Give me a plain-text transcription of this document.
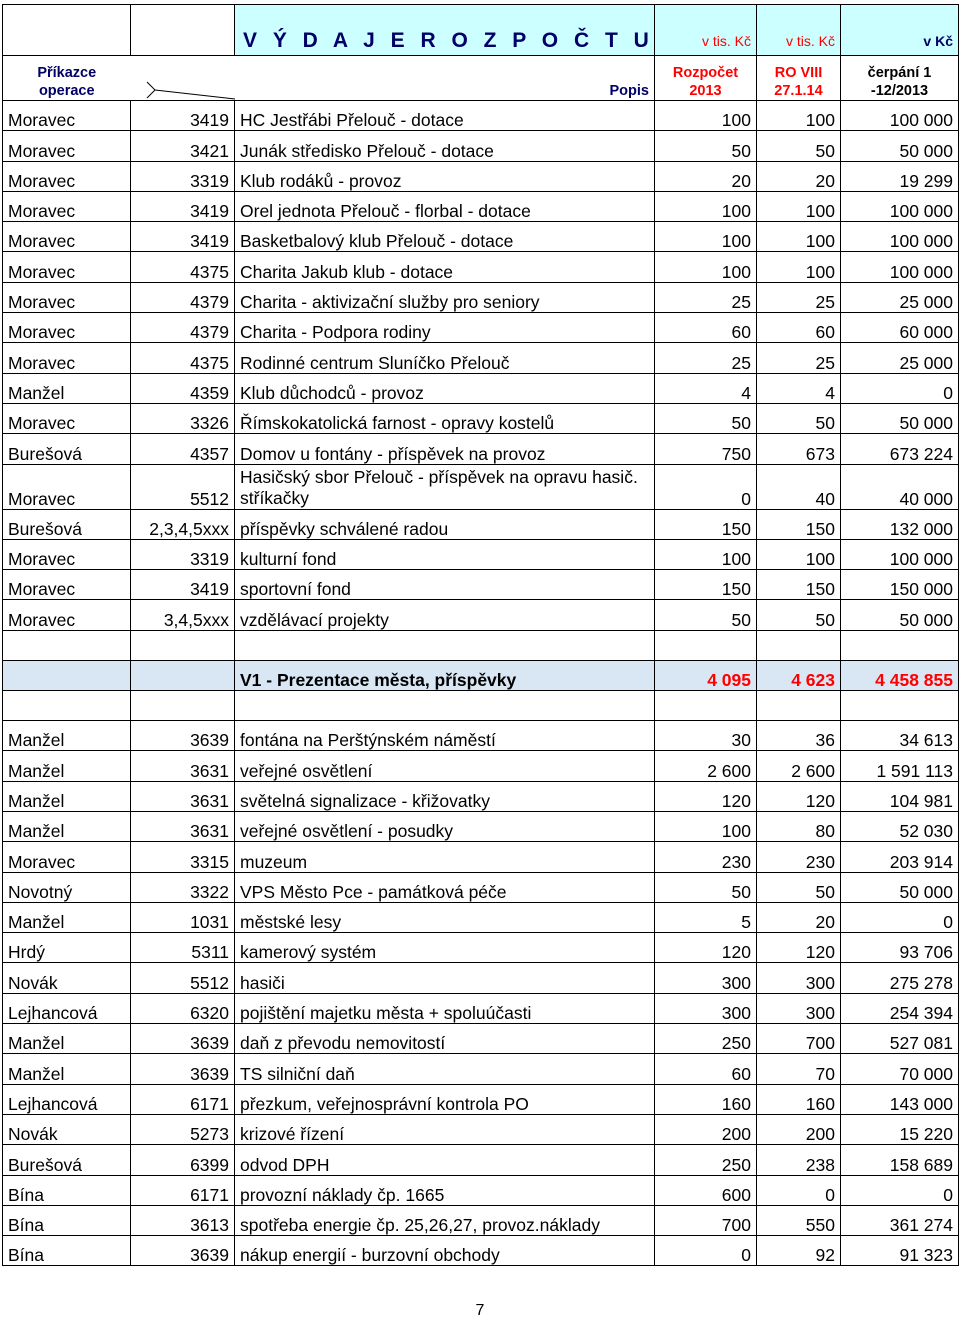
		V Ý D A J E R O Z P O Č T U	v tis. Kč	v tis. Kč	v Kč
Příkazce operace		Popis	Rozpočet 2013	RO VIII 27.1.14	čerpání 1 -12/2013
Moravec	3419	HC Jestřábi Přelouč - dotace	100	100	100 000
Moravec	3421	Junák středisko Přelouč - dotace	50	50	50 000
Moravec	3319	Klub rodáků - provoz	20	20	19 299
Moravec	3419	Orel jednota Přelouč - florbal - dotace	100	100	100 000
Moravec	3419	Basketbalový klub Přelouč - dotace	100	100	100 000
Moravec	4375	Charita Jakub klub - dotace	100	100	100 000
Moravec	4379	Charita - aktivizační služby pro seniory	25	25	25 000
Moravec	4379	Charita - Podpora rodiny	60	60	60 000
Moravec	4375	Rodinné centrum Sluníčko Přelouč	25	25	25 000
Manžel	4359	Klub důchodců - provoz	4	4	0
Moravec	3326	Římskokatolická farnost - opravy kostelů	50	50	50 000
Burešová	4357	Domov u fontány - příspěvek na provoz	750	673	673 224
Moravec	5512	Hasičský sbor Přelouč - příspěvek na opravu hasič. stříkačky	0	40	40 000
Burešová	2,3,4,5xxx	příspěvky schválené radou	150	150	132 000
Moravec	3319	kulturní fond	100	100	100 000
Moravec	3419	sportovní fond	150	150	150 000
Moravec	3,4,5xxx	vzdělávací projekty	50	50	50 000

		V1 - Prezentace města, příspěvky	4 095	4 623	4 458 855

Manžel	3639	fontána na Perštýnském náměstí	30	36	34 613
Manžel	3631	veřejné osvětlení	2 600	2 600	1 591 113
Manžel	3631	světelná signalizace - křižovatky	120	120	104 981
Manžel	3631	veřejné osvětlení - posudky	100	80	52 030
Moravec	3315	muzeum	230	230	203 914
Novotný	3322	VPS Město Pce - památková péče	50	50	50 000
Manžel	1031	městské lesy	5	20	0
Hrdý	5311	kamerový systém	120	120	93 706
Novák	5512	hasiči	300	300	275 278
Lejhancová	6320	pojištění majetku města + spoluúčasti	300	300	254 394
Manžel	3639	daň z převodu nemovitostí	250	700	527 081
Manžel	3639	TS silniční daň	60	70	70 000
Lejhancová	6171	přezkum, veřejnosprávní kontrola PO	160	160	143 000
Novák	5273	krizové řízení	200	200	15 220
Burešová	6399	odvod DPH	250	238	158 689
Bína	6171	provozní náklady čp. 1665	600	0	0
Bína	3613	spotřeba energie čp. 25,26,27, provoz.náklady	700	550	361 274
Bína	3639	nákup energií - burzovní obchody	0	92	91 323
7
